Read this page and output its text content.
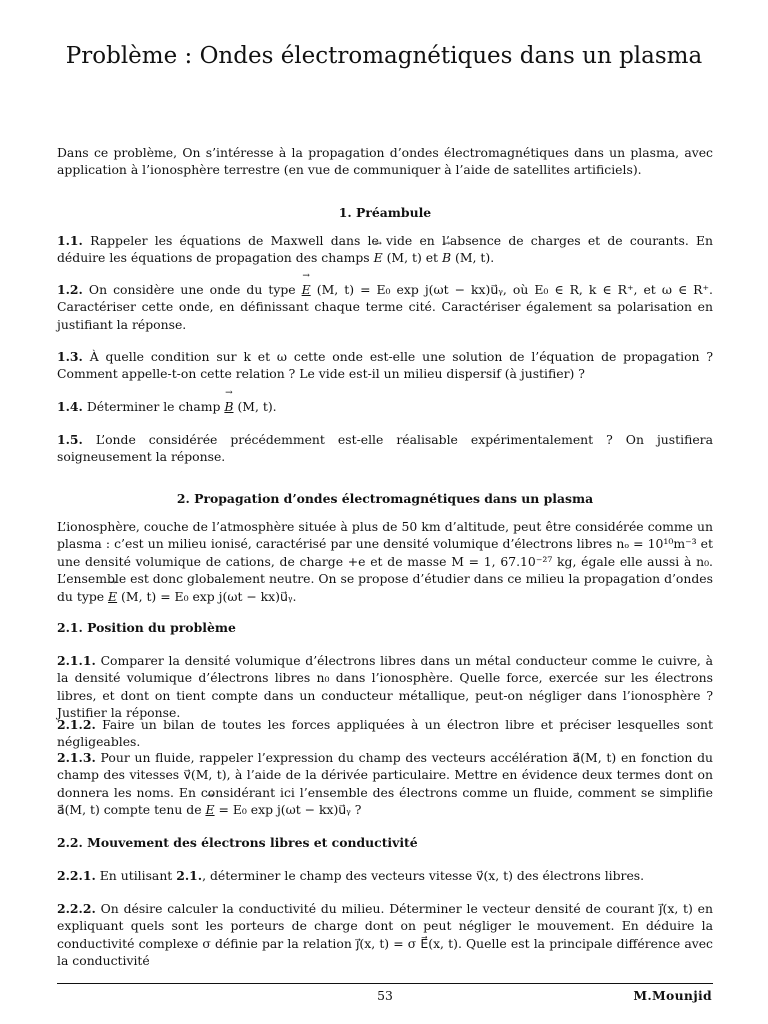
Problème : Ondes électromagnétiques dans un plasma

Dans ce problème, On s’intéresse à la propagation d’ondes électromagnétiques dans un plasma, avec application à l’ionosphère terrestre (en vue de communiquer à l’aide de satellites artificiels).

1. Préambule

1.1. Rappeler les équations de Maxwell dans le vide en l’absence de charges et de courants. En déduire les équations de propagation des champs → E (M, t) et → B (M, t).

1.2. On considère une onde du type → E (M, t) = E₀ exp j(ωt − kx)u⃗ᵧ, où E₀ ∈ R, k ∈ R⁺, et ω ∈ R⁺. Caractériser cette onde, en définissant chaque terme cité. Caractériser également sa polarisation en justifiant la réponse.

1.3. À quelle condition sur k et ω cette onde est-elle une solution de l’équation de propagation ? Comment appelle-t-on cette relation ? Le vide est-il un milieu dispersif (à justifier) ?

1.4. Déterminer le champ → B (M, t).

1.5. L’onde considérée précédemment est-elle réalisable expérimentalement ? On justifiera soigneusement la réponse.

2. Propagation d’ondes électromagnétiques dans un plasma

L’ionosphère, couche de l’atmosphère située à plus de 50 km d’altitude, peut être considérée comme un plasma : c’est un milieu ionisé, caractérisé par une densité volumique d’électrons libres nₒ = 10¹⁰m⁻³ et une densité volumique de cations, de charge +e et de masse M = 1, 67.10⁻²⁷ kg, égale elle aussi à n₀. L’ensemble est donc globalement neutre. On se propose d’étudier dans ce milieu la propagation d’ondes du type → E (M, t) = E₀ exp j(ωt − kx)u⃗ᵧ.

2.1. Position du problème

2.1.1. Comparer la densité volumique d’électrons libres dans un métal conducteur comme le cuivre, à la densité volumique d’électrons libres n₀ dans l’ionosphère. Quelle force, exercée sur les électrons libres, et dont on tient compte dans un conducteur métallique, peut-on négliger dans l’ionosphère ? Justifier la réponse.

2.1.2. Faire un bilan de toutes les forces appliquées à un électron libre et préciser lesquelles sont négligeables.

2.1.3. Pour un fluide, rappeler l’expression du champ des vecteurs accélération a⃗(M, t) en fonction du champ des vitesses v⃗(M, t), à l’aide de la dérivée particulaire. Mettre en évidence deux termes dont on donnera les noms. En considérant ici l’ensemble des électrons comme un fluide, comment se simplifie a⃗(M, t) compte tenu de → E = E₀ exp j(ωt − kx)u⃗ᵧ ?

2.2. Mouvement des électrons libres et conductivité

2.2.1. En utilisant 2.1., déterminer le champ des vecteurs vitesse v⃗(x, t) des électrons libres.

2.2.2. On désire calculer la conductivité du milieu. Déterminer le vecteur densité de courant j⃗(x, t) en expliquant quels sont les porteurs de charge dont on peut négliger le mouvement. En déduire la conductivité complexe σ définie par la relation j⃗(x, t) = σ E⃗(x, t). Quelle est la principale différence avec la conductivité

53	M.Mounjid
